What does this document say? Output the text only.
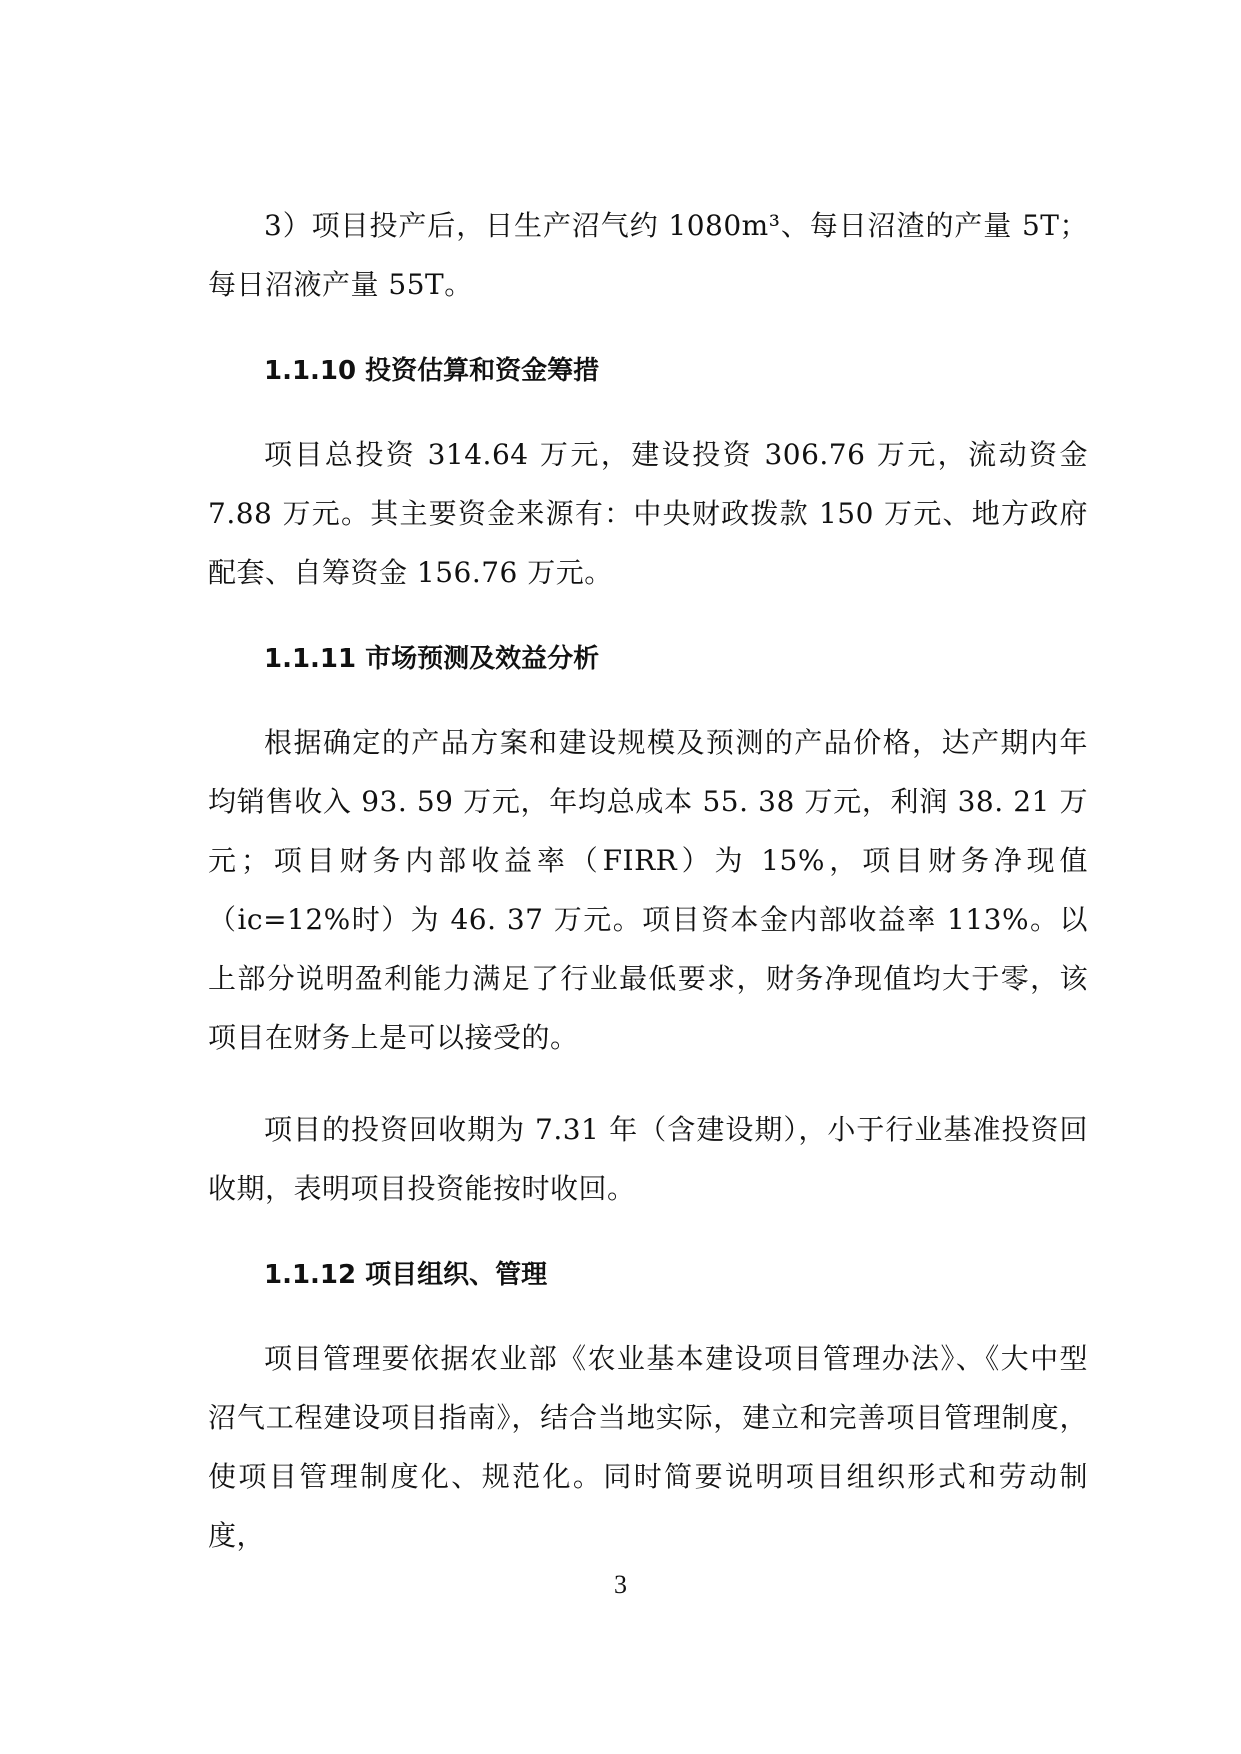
3）项目投产后，日生产沼气约 1080m³、每日沼渣的产量 5T；每日沼液产量 55T。

1.1.10 投资估算和资金筹措

项目总投资 314.64 万元，建设投资 306.76 万元，流动资金 7.88 万元。其主要资金来源有：中央财政拨款 150 万元、地方政府配套、自筹资金 156.76 万元。

1.1.11 市场预测及效益分析

根据确定的产品方案和建设规模及预测的产品价格，达产期内年均销售收入 93. 59 万元，年均总成本 55. 38 万元，利润 38. 21 万元；项目财务内部收益率（FIRR）为 15%，项目财务净现值（ic=12%时）为 46. 37 万元。项目资本金内部收益率 113%。以上部分说明盈利能力满足了行业最低要求，财务净现值均大于零，该项目在财务上是可以接受的。

项目的投资回收期为 7.31 年（含建设期），小于行业基准投资回收期，表明项目投资能按时收回。

1.1.12 项目组织、管理

项目管理要依据农业部《农业基本建设项目管理办法》、《大中型沼气工程建设项目指南》，结合当地实际，建立和完善项目管理制度，使项目管理制度化、规范化。同时简要说明项目组织形式和劳动制度，

3
